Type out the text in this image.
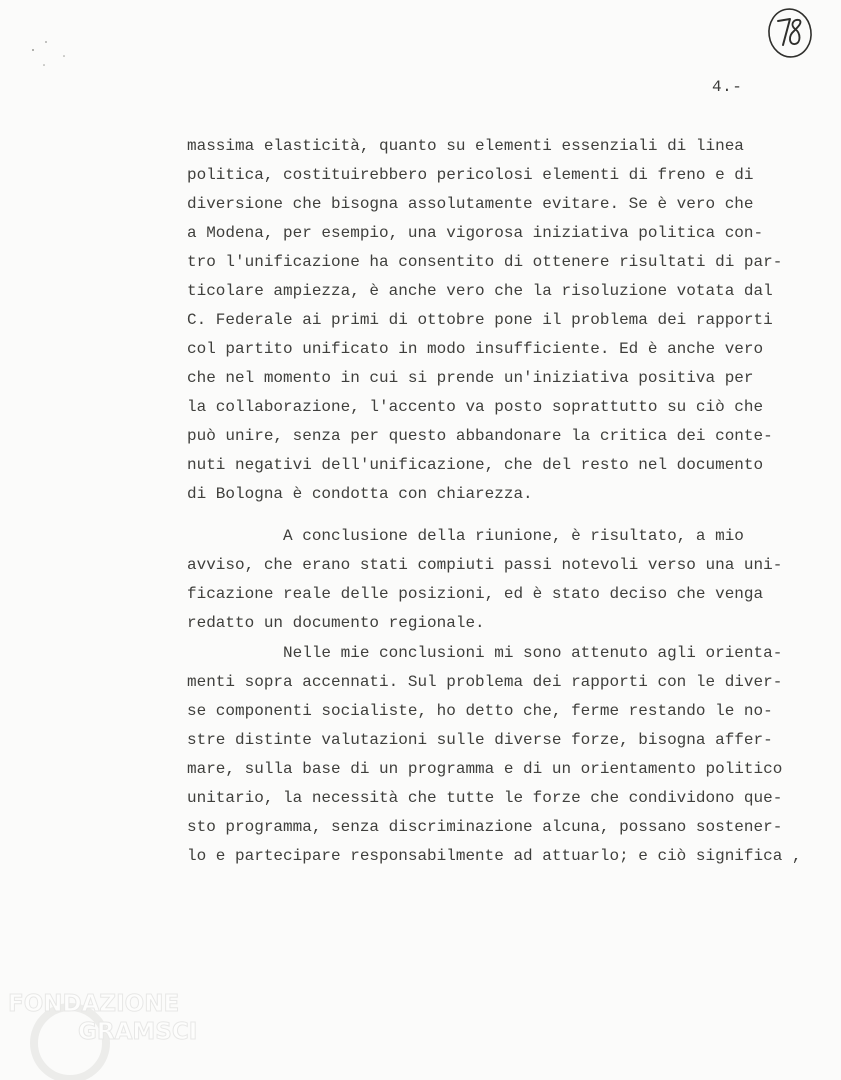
4.-
massima elasticità, quanto su elementi essenziali di linea
politica, costituirebbero pericolosi elementi di freno e di
diversione che bisogna assolutamente evitare. Se è vero che
a Modena, per esempio, una vigorosa iniziativa politica con-
tro l'unificazione ha consentito di ottenere risultati di par-
ticolare ampiezza, è anche vero che la risoluzione votata dal
C. Federale ai primi di ottobre pone il problema dei rapporti
col partito unificato in modo insufficiente. Ed è anche vero
che nel momento in cui si prende un'iniziativa positiva per
la collaborazione, l'accento va posto soprattutto su ciò che
può unire, senza per questo abbandonare la critica dei conte-
nuti negativi dell'unificazione, che del resto nel documento
di Bologna è condotta con chiarezza.
A conclusione della riunione, è risultato, a mio
avviso, che erano stati compiuti passi notevoli verso una uni-
ficazione reale delle posizioni, ed è stato deciso che venga
redatto un documento regionale.
Nelle mie conclusioni mi sono attenuto agli orienta-
menti sopra accennati. Sul problema dei rapporti con le diver-
se componenti socialiste, ho detto che, ferme restando le no-
stre distinte valutazioni sulle diverse forze, bisogna affer-
mare, sulla base di un programma e di un orientamento politico
unitario, la necessità che tutte le forze che condividono que-
sto programma, senza discriminazione alcuna, possano sostener-
lo e partecipare responsabilmente ad attuarlo; e ciò significa ,
FONDAZIONE
GRAMSCI
